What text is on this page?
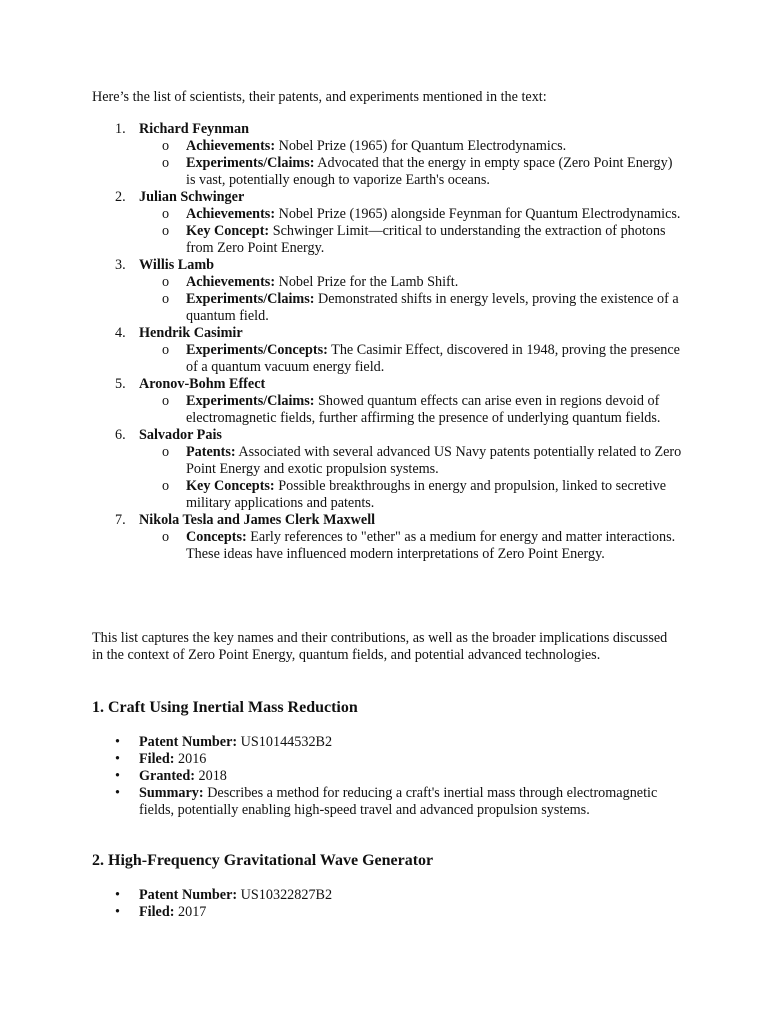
Here’s the list of scientists, their patents, and experiments mentioned in the text:

1. Richard Feynman
o Achievements: Nobel Prize (1965) for Quantum Electrodynamics.
o Experiments/Claims: Advocated that the energy in empty space (Zero Point Energy) is vast, potentially enough to vaporize Earth's oceans.
2. Julian Schwinger
o Achievements: Nobel Prize (1965) alongside Feynman for Quantum Electrodynamics.
o Key Concept: Schwinger Limit—critical to understanding the extraction of photons from Zero Point Energy.
3. Willis Lamb
o Achievements: Nobel Prize for the Lamb Shift.
o Experiments/Claims: Demonstrated shifts in energy levels, proving the existence of a quantum field.
4. Hendrik Casimir
o Experiments/Concepts: The Casimir Effect, discovered in 1948, proving the presence of a quantum vacuum energy field.
5. Aronov-Bohm Effect
o Experiments/Claims: Showed quantum effects can arise even in regions devoid of electromagnetic fields, further affirming the presence of underlying quantum fields.
6. Salvador Pais
o Patents: Associated with several advanced US Navy patents potentially related to Zero Point Energy and exotic propulsion systems.
o Key Concepts: Possible breakthroughs in energy and propulsion, linked to secretive military applications and patents.
7. Nikola Tesla and James Clerk Maxwell
o Concepts: Early references to "ether" as a medium for energy and matter interactions. These ideas have influenced modern interpretations of Zero Point Energy.

This list captures the key names and their contributions, as well as the broader implications discussed in the context of Zero Point Energy, quantum fields, and potential advanced technologies.

1. Craft Using Inertial Mass Reduction
• Patent Number: US10144532B2
• Filed: 2016
• Granted: 2018
• Summary: Describes a method for reducing a craft's inertial mass through electromagnetic fields, potentially enabling high-speed travel and advanced propulsion systems.
2. High-Frequency Gravitational Wave Generator
• Patent Number: US10322827B2
• Filed: 2017
